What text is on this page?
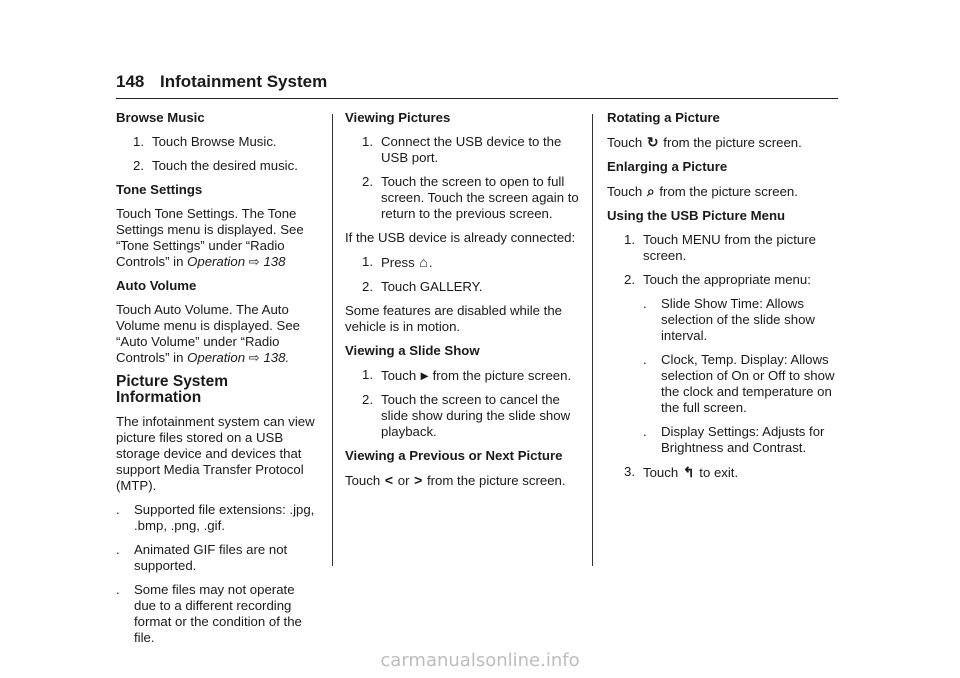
148 Infotainment System
Browse Music
1. Touch Browse Music.
2. Touch the desired music.
Tone Settings

Touch Tone Settings. The Tone Settings menu is displayed. See “Tone Settings” under “Radio Controls” in Operation ⇨ 138

Auto Volume

Touch Auto Volume. The Auto Volume menu is displayed. See “Auto Volume” under “Radio Controls” in Operation ⇨ 138.

Picture System Information

The infotainment system can view picture files stored on a USB storage device and devices that support Media Transfer Protocol (MTP).

.	Supported file extensions: .jpg, .bmp, .png, .gif.
.	Animated GIF files are not supported.
.	Some files may not operate due to a different recording format or the condition of the file.
Viewing Pictures
1. Connect the USB device to the USB port.
2. Touch the screen to open to full screen. Touch the screen again to return to the previous screen.

If the USB device is already connected:

1. Press ⌂.
2. Touch GALLERY.

Some features are disabled while the vehicle is in motion.

Viewing a Slide Show
1. Touch ▸ from the picture screen.
2. Touch the screen to cancel the slide show during the slide show playback.
Viewing a Previous or Next Picture

Touch < or > from the picture screen.

Rotating a Picture

Touch ↻ from the picture screen.

Enlarging a Picture

Touch ⌕ from the picture screen.

Using the USB Picture Menu
1. Touch MENU from the picture screen.
2. Touch the appropriate menu:
.	Slide Show Time: Allows selection of the slide show interval.
.	Clock, Temp. Display: Allows selection of On or Off to show the clock and temperature on the full screen.
.	Display Settings: Adjusts for Brightness and Contrast.
3. Touch ↰ to exit.
carmanualsonline.info
